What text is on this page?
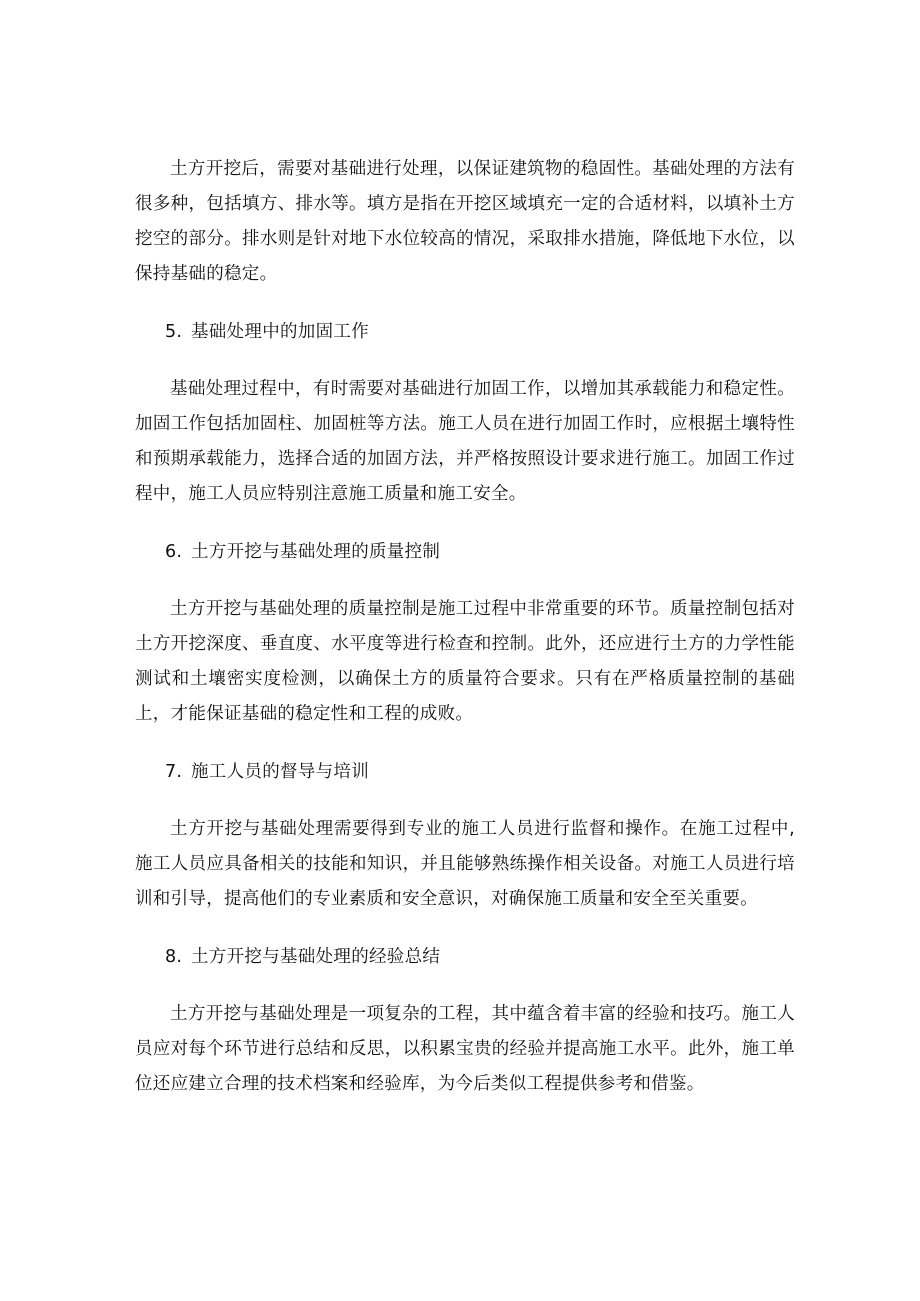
土方开挖后，需要对基础进行处理，以保证建筑物的稳固性。基础处理的方法有很多种，包括填方、排水等。填方是指在开挖区域填充一定的合适材料，以填补土方挖空的部分。排水则是针对地下水位较高的情况，采取排水措施，降低地下水位，以保持基础的稳定。

5. 基础处理中的加固工作

基础处理过程中，有时需要对基础进行加固工作，以增加其承载能力和稳定性。加固工作包括加固柱、加固桩等方法。施工人员在进行加固工作时，应根据土壤特性和预期承载能力，选择合适的加固方法，并严格按照设计要求进行施工。加固工作过程中，施工人员应特别注意施工质量和施工安全。

6. 土方开挖与基础处理的质量控制

土方开挖与基础处理的质量控制是施工过程中非常重要的环节。质量控制包括对土方开挖深度、垂直度、水平度等进行检查和控制。此外，还应进行土方的力学性能测试和土壤密实度检测，以确保土方的质量符合要求。只有在严格质量控制的基础上，才能保证基础的稳定性和工程的成败。

7. 施工人员的督导与培训

土方开挖与基础处理需要得到专业的施工人员进行监督和操作。在施工过程中,施工人员应具备相关的技能和知识，并且能够熟练操作相关设备。对施工人员进行培训和引导，提高他们的专业素质和安全意识，对确保施工质量和安全至关重要。

8. 土方开挖与基础处理的经验总结

土方开挖与基础处理是一项复杂的工程，其中蕴含着丰富的经验和技巧。施工人员应对每个环节进行总结和反思，以积累宝贵的经验并提高施工水平。此外，施工单位还应建立合理的技术档案和经验库，为今后类似工程提供参考和借鉴。
